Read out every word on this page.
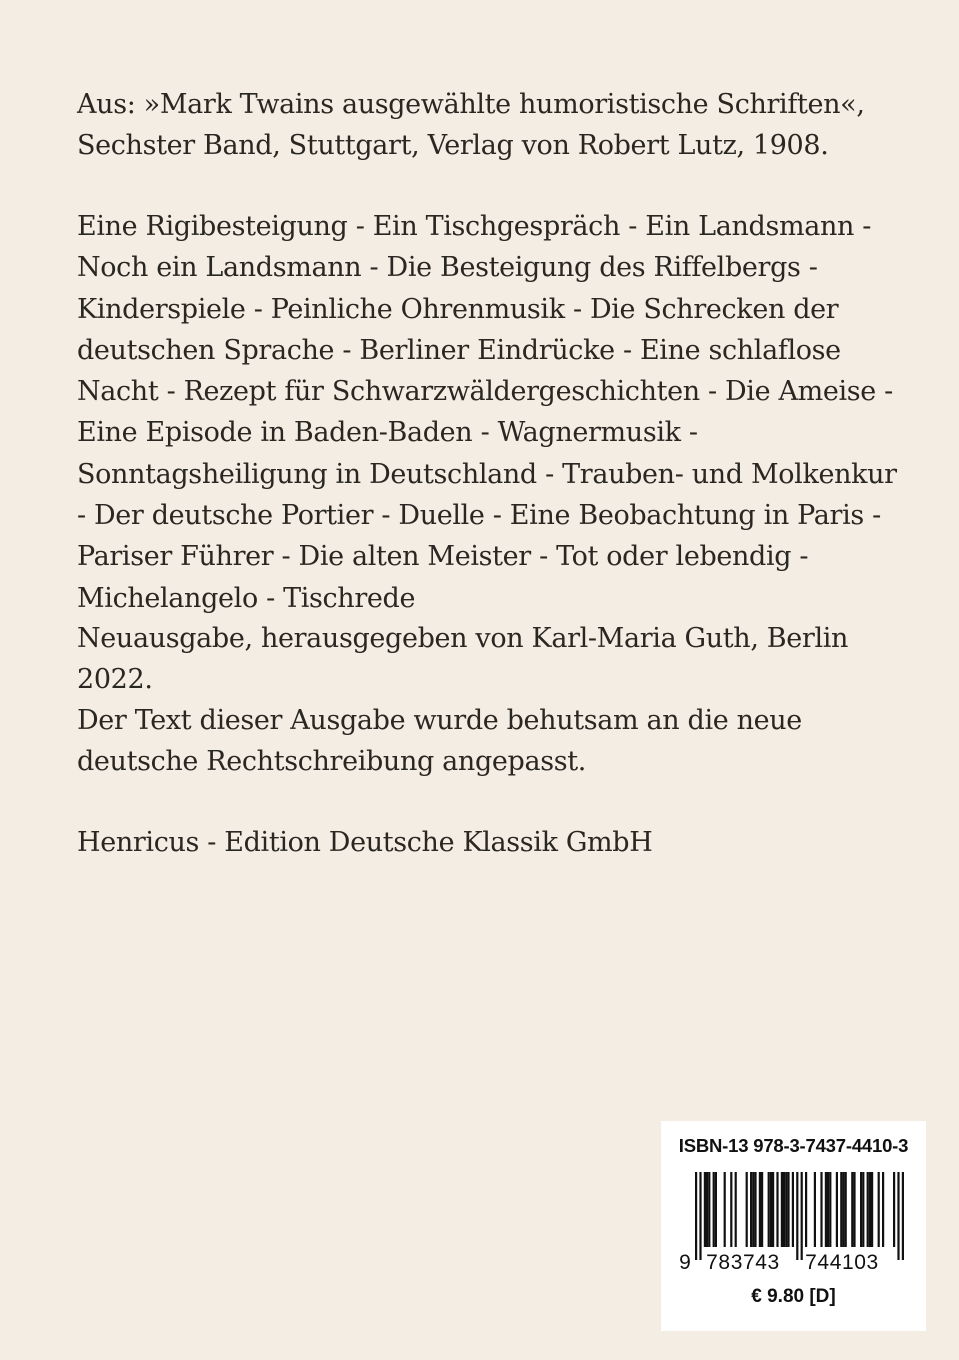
Aus: »Mark Twains ausgewählte humoristische Schriften«, Sechster Band, Stuttgart, Verlag von Robert Lutz, 1908.

Eine Rigibesteigung - Ein Tischgespräch - Ein Landsmann - Noch ein Landsmann - Die Besteigung des Riffelbergs - Kinderspiele - Peinliche Ohrenmusik - Die Schrecken der deutschen Sprache - Berliner Eindrücke - Eine schlaflose Nacht - Rezept für Schwarzwäldergeschichten - Die Ameise - Eine Episode in Baden-Baden - Wagnermusik - Sonntagsheiligung in Deutschland - Trauben- und Molkenkur - Der deutsche Portier - Duelle - Eine Beobachtung in Paris - Pariser Führer - Die alten Meister - Tot oder lebendig - Michelangelo - Tischrede

Neuausgabe, herausgegeben von Karl-Maria Guth, Berlin 2022.

Der Text dieser Ausgabe wurde behutsam an die neue deutsche Rechtschreibung angepasst.

Henricus - Edition Deutsche Klassik GmbH

ISBN-13 978-3-7437-4410-3
9 783743 744103
€ 9.80 [D]
